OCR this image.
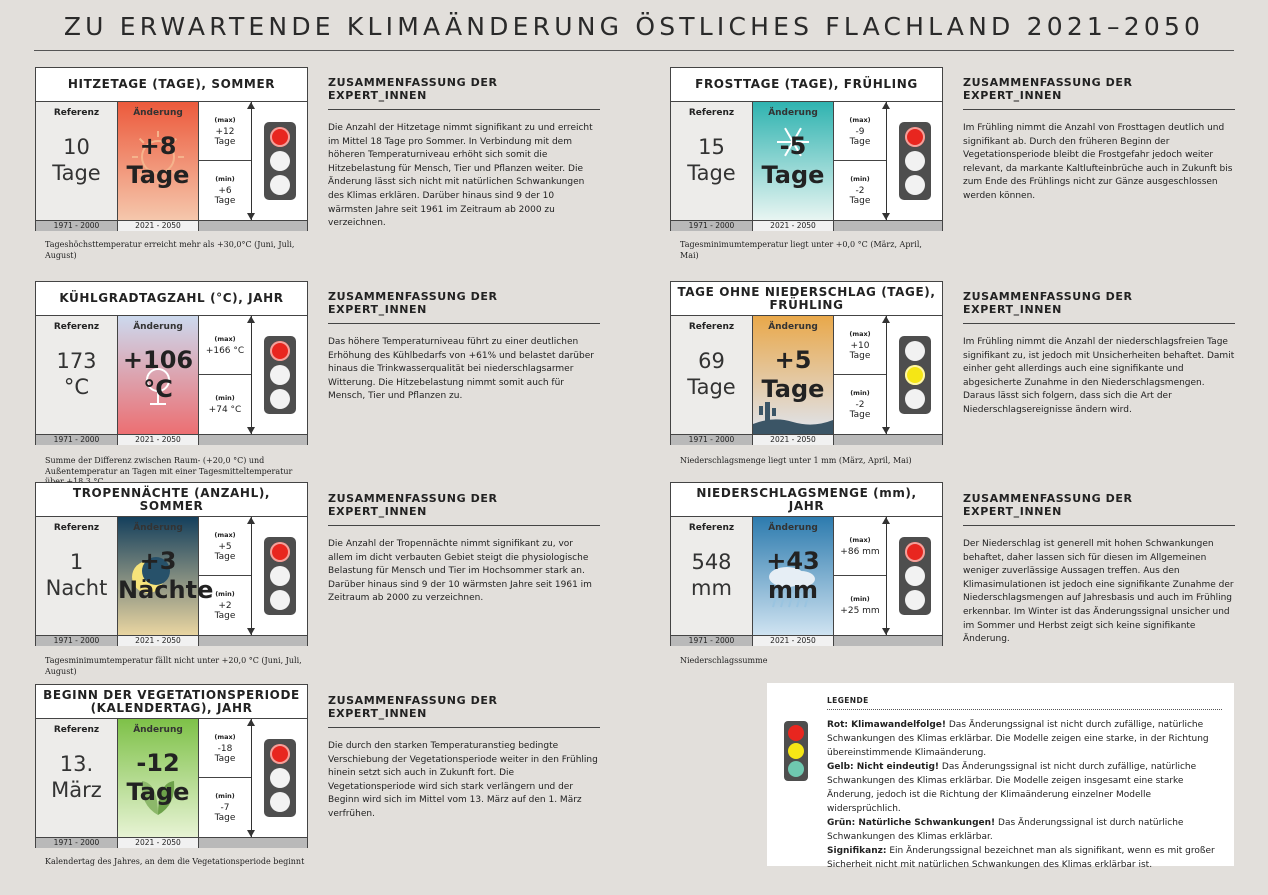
ZU ERWARTENDE KLIMAÄNDERUNG ÖSTLICHES FLACHLAND 2021–2050
HITZETAGE (TAGE), SOMMER
Referenz
10
Tage
Änderung
+8
Tage
(max)
+12
Tage
(min)
+6
Tage
1971 - 2000	2021 - 2050
Tageshöchsttemperatur erreicht mehr als +30,0°C (Juni, Juli, August)
ZUSAMMENFASSUNG DER EXPERT_INNEN
Die Anzahl der Hitzetage nimmt signifikant zu und erreicht im Mittel 18 Tage pro Sommer. In Verbindung mit dem höheren Temperaturniveau erhöht sich somit die Hitzebelastung für Mensch, Tier und Pflanzen weiter. Die Änderung lässt sich nicht mit natürlichen Schwankungen des Klimas erklären. Darüber hinaus sind 9 der 10 wärmsten Jahre seit 1961 im Zeitraum ab 2000 zu verzeichnen.
KÜHLGRADTAGZAHL (°C), JAHR
Referenz
173
°C
Änderung
+106
°C
(max)
+166 °C
(min)
+74 °C
1971 - 2000	2021 - 2050
Summe der Differenz zwischen Raum- (+20,0 °C) und Außentemperatur an Tagen mit einer Tagesmitteltemperatur
ZUSAMMENFASSUNG DER EXPERT_INNEN
Das höhere Temperaturniveau führt zu einer deutlichen Erhöhung des Kühlbedarfs von +61% und belastet darüber hinaus die Trinkwasserqualität bei niederschlagsarmer Witterung. Die Hitzebelastung nimmt somit auch für Mensch, Tier und Pflanzen zu.
TROPENNÄCHTE (ANZAHL), SOMMER
Referenz
1
Nacht
Änderung
+3
Nächte
(max)
+5
Tage
(min)
+2
Tage
1971 - 2000	2021 - 2050
Tagesminimumtemperatur fällt nicht unter +20,0 °C (Juni, Juli, August)
ZUSAMMENFASSUNG DER EXPERT_INNEN
Die Anzahl der Tropennächte nimmt signifikant zu, vor allem im dicht verbauten Gebiet steigt die physiologische Belastung für Mensch und Tier im Hochsommer stark an. Darüber hinaus sind 9 der 10 wärmsten Jahre seit 1961 im Zeitraum ab 2000 zu verzeichnen.
BEGINN DER VEGETATIONSPERIODE (KALENDERTAG), JAHR
Referenz
13.
März
Änderung
-12
Tage
(max)
-18
Tage
(min)
-7
Tage
1971 - 2000	2021 - 2050
Kalendertag des Jahres, an dem die Vegetationsperiode beginnt
ZUSAMMENFASSUNG DER EXPERT_INNEN
Die durch den starken Temperaturanstieg bedingte Verschiebung der Vegetationsperiode weiter in den Frühling hinein setzt sich auch in Zukunft fort. Die Vegetationsperiode wird sich stark verlängern und der Beginn wird sich im Mittel vom 13. März auf den 1. März verfrühen.
FROSTTAGE (TAGE), FRÜHLING
Referenz
15
Tage
Änderung
-5
Tage
(max)
-9
Tage
(min)
-2
Tage
1971 - 2000	2021 - 2050
Tagesminimumtemperatur liegt unter +0,0 °C (März, April, Mai)
ZUSAMMENFASSUNG DER EXPERT_INNEN
Im Frühling nimmt die Anzahl von Frosttagen deutlich und signifikant ab. Durch den früheren Beginn der Vegetationsperiode bleibt die Frostgefahr jedoch weiter relevant, da markante Kaltlufteinbrüche auch in Zukunft bis zum Ende des Frühlings nicht zur Gänze ausgeschlossen werden können.
TAGE OHNE NIEDERSCHLAG (TAGE), FRÜHLING
Referenz
69
Tage
Änderung
+5
Tage
(max)
+10
Tage
(min)
-2
Tage
1971 - 2000	2021 - 2050
Niederschlagsmenge liegt unter 1 mm (März, April, Mai)
ZUSAMMENFASSUNG DER EXPERT_INNEN
Im Frühling nimmt die Anzahl der niederschlagsfreien Tage signifikant zu, ist jedoch mit Unsicherheiten behaftet. Damit einher geht allerdings auch eine signifikante und abgesicherte Zunahme in den Niederschlagsmengen. Daraus lässt sich folgern, dass sich die Art der Niederschlagsereignisse ändern wird.
NIEDERSCHLAGSMENGE (mm), JAHR
Referenz
548
mm
Änderung
+43
mm
(max)
+86 mm
(min)
+25 mm
1971 - 2000	2021 - 2050
Niederschlagssumme
ZUSAMMENFASSUNG DER EXPERT_INNEN
Der Niederschlag ist generell mit hohen Schwankungen behaftet, daher lassen sich für diesen im Allgemeinen weniger zuverlässige Aussagen treffen. Aus den Klimasimulationen ist jedoch eine signifikante Zunahme der Niederschlagsmengen auf Jahresbasis und auch im Frühling erkennbar. Im Winter ist das Änderungssignal unsicher und im Sommer und Herbst zeigt sich keine signifikante Änderung.
LEGENDE
Rot: Klimawandelfolge! Das Änderungssignal ist nicht durch zufällige, natürliche Schwankungen des Klimas erklärbar. Die Modelle zeigen eine starke, in der Richtung übereinstimmende Klimaänderung.
Gelb: Nicht eindeutig! Das Änderungssignal ist nicht durch zufällige, natürliche Schwankungen des Klimas erklärbar. Die Modelle zeigen insgesamt eine starke Änderung, jedoch ist die Richtung der Klimaänderung einzelner Modelle widersprüchlich.
Grün: Natürliche Schwankungen! Das Änderungssignal ist durch natürliche Schwankungen des Klimas erklärbar.
Signifikanz: Ein Änderungssignal bezeichnet man als signifikant, wenn es mit großer Sicherheit nicht mit natürlichen Schwankungen des Klimas erklärbar ist.
